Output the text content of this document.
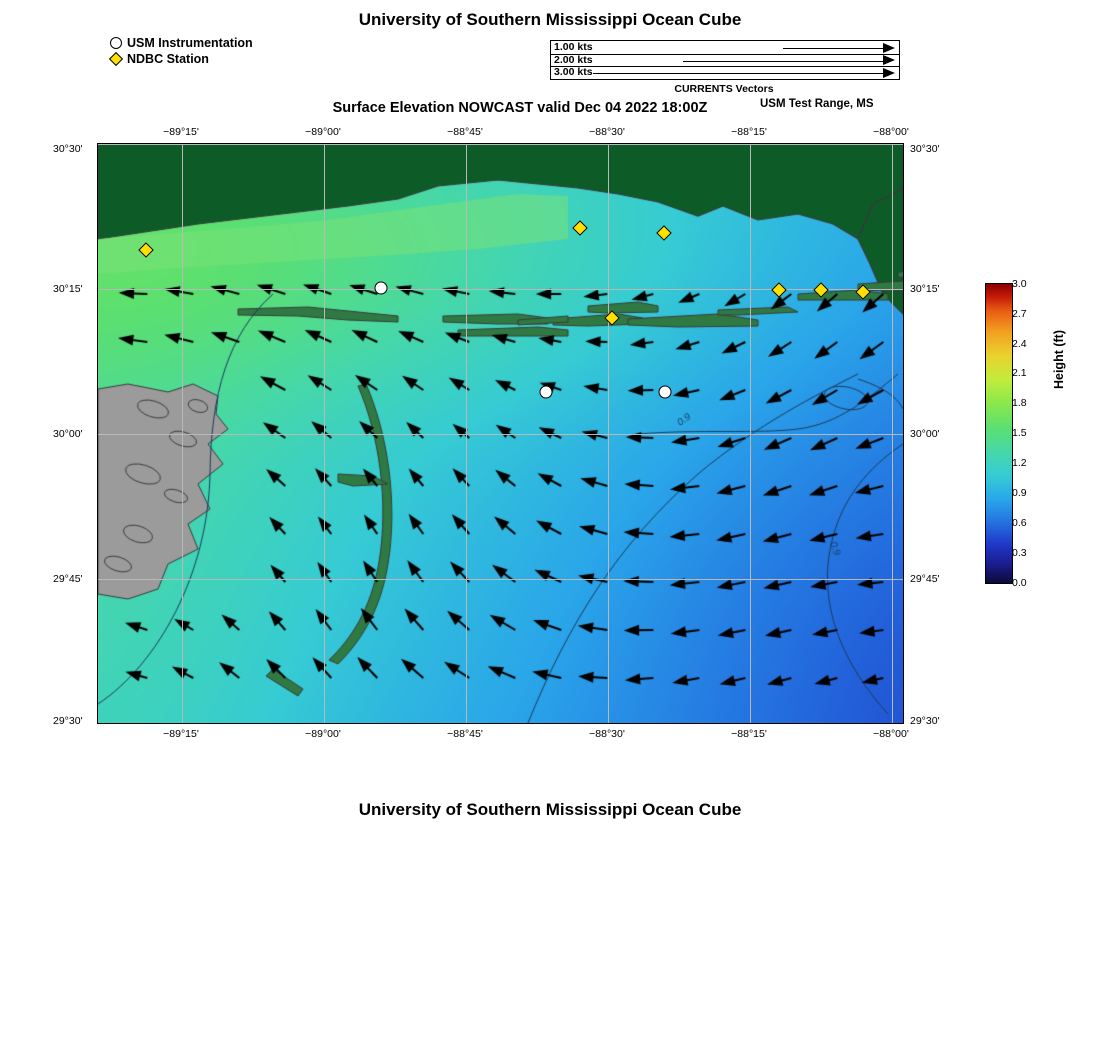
University of Southern Mississippi Ocean Cube
USM Instrumentation
NDBC Station
1.00 kts
2.00 kts
3.00 kts
CURRENTS Vectors
Surface Elevation NOWCAST valid Dec 04 2022 18:00Z	USM Test Range, MS
−89°15'	−89°00'	−88°45'	−88°30'	−88°15'	−88°00'
−89°15'	−89°00'	−88°45'	−88°30'	−88°15'	−88°00'
30°30'
30°15'
30°00'
29°45'
29°30'
30°30'
30°15'
30°00'
29°45'
29°30'
Height (ft)
3.0
2.7
2.4
2.1
1.8
1.5
1.2
0.9
0.6
0.3
0.0
University of Southern Mississippi Ocean Cube
